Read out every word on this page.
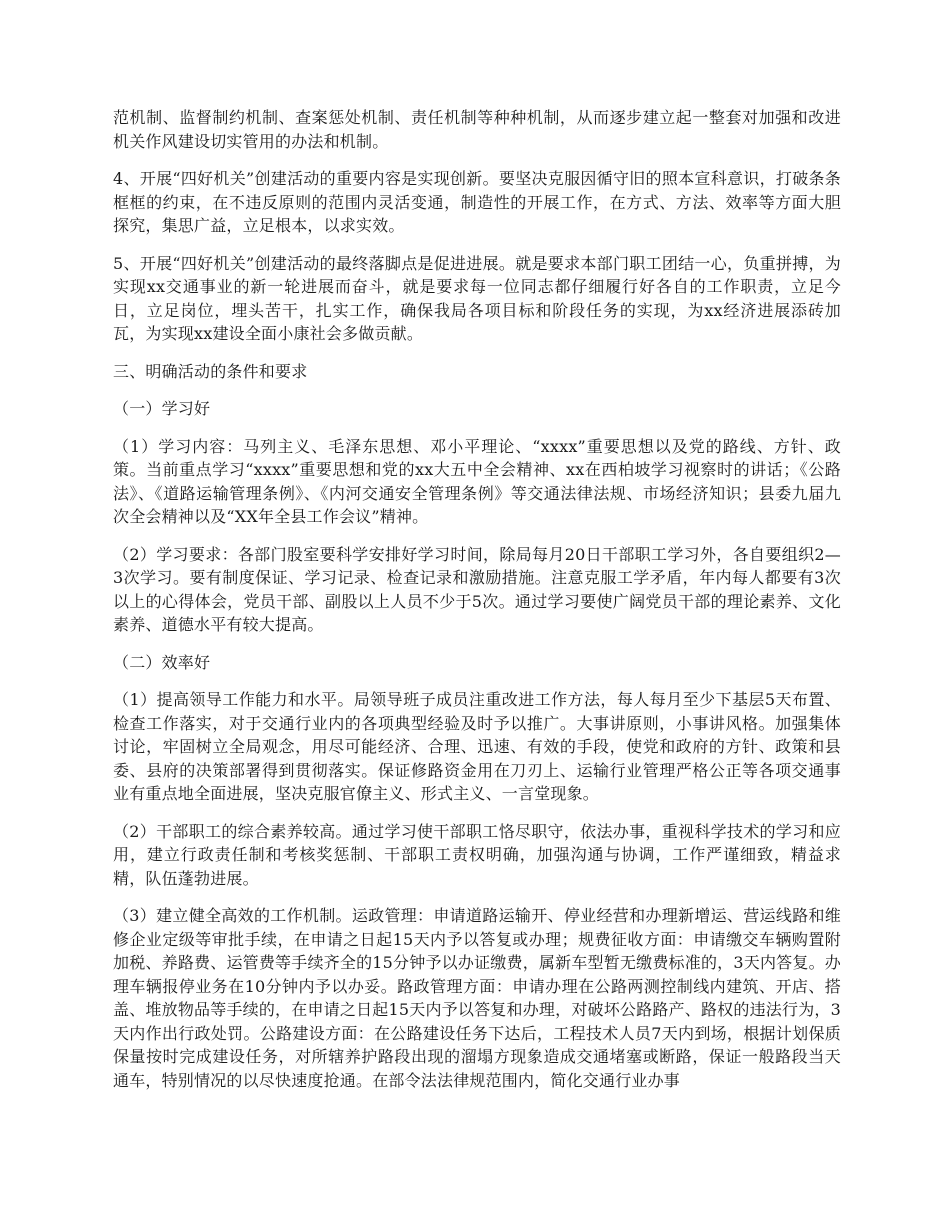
范机制、监督制约机制、查案惩处机制、责任机制等种种机制，从而逐步建立起一整套对加强和改进机关作风建设切实管用的办法和机制。

4、开展“四好机关”创建活动的重要内容是实现创新。要坚决克服因循守旧的照本宣科意识，打破条条框框的约束，在不违反原则的范围内灵活变通，制造性的开展工作，在方式、方法、效率等方面大胆探究，集思广益，立足根本，以求实效。

5、开展“四好机关”创建活动的最终落脚点是促进进展。就是要求本部门职工团结一心，负重拼搏，为实现xx交通事业的新一轮进展而奋斗，就是要求每一位同志都仔细履行好各自的工作职责，立足今日，立足岗位，埋头苦干，扎实工作，确保我局各项目标和阶段任务的实现，为xx经济进展添砖加瓦，为实现xx建设全面小康社会多做贡献。

三、明确活动的条件和要求

（一）学习好

（1）学习内容：马列主义、毛泽东思想、邓小平理论、“xxxx”重要思想以及党的路线、方针、政策。当前重点学习“xxxx”重要思想和党的xx大五中全会精神、xx在西柏坡学习视察时的讲话；《公路法》、《道路运输管理条例》、《内河交通安全管理条例》等交通法律法规、市场经济知识；县委九届九次全会精神以及“XX年全县工作会议”精神。

（2）学习要求：各部门股室要科学安排好学习时间，除局每月20日干部职工学习外，各自要组织2—3次学习。要有制度保证、学习记录、检查记录和激励措施。注意克服工学矛盾，年内每人都要有3次以上的心得体会，党员干部、副股以上人员不少于5次。通过学习要使广阔党员干部的理论素养、文化素养、道德水平有较大提高。

（二）效率好

（1）提高领导工作能力和水平。局领导班子成员注重改进工作方法，每人每月至少下基层5天布置、检查工作落实，对于交通行业内的各项典型经验及时予以推广。大事讲原则，小事讲风格。加强集体讨论，牢固树立全局观念，用尽可能经济、合理、迅速、有效的手段，使党和政府的方针、政策和县委、县府的决策部署得到贯彻落实。保证修路资金用在刀刃上、运输行业管理严格公正等各项交通事业有重点地全面进展，坚决克服官僚主义、形式主义、一言堂现象。

（2）干部职工的综合素养较高。通过学习使干部职工恪尽职守，依法办事，重视科学技术的学习和应用，建立行政责任制和考核奖惩制、干部职工责权明确，加强沟通与协调，工作严谨细致，精益求精，队伍蓬勃进展。

（3）建立健全高效的工作机制。运政管理：申请道路运输开、停业经营和办理新增运、营运线路和维修企业定级等审批手续，在申请之日起15天内予以答复或办理；规费征收方面：申请缴交车辆购置附加税、养路费、运管费等手续齐全的15分钟予以办证缴费，属新车型暂无缴费标准的，3天内答复。办理车辆报停业务在10分钟内予以办妥。路政管理方面：申请办理在公路两测控制线内建筑、开店、搭盖、堆放物品等手续的，在申请之日起15天内予以答复和办理，对破坏公路路产、路权的违法行为，3天内作出行政处罚。公路建设方面：在公路建设任务下达后，工程技术人员7天内到场，根据计划保质保量按时完成建设任务，对所辖养护路段出现的溜塌方现象造成交通堵塞或断路，保证一般路段当天通车，特别情况的以尽快速度抢通。在部令法法律规范围内，简化交通行业办事
